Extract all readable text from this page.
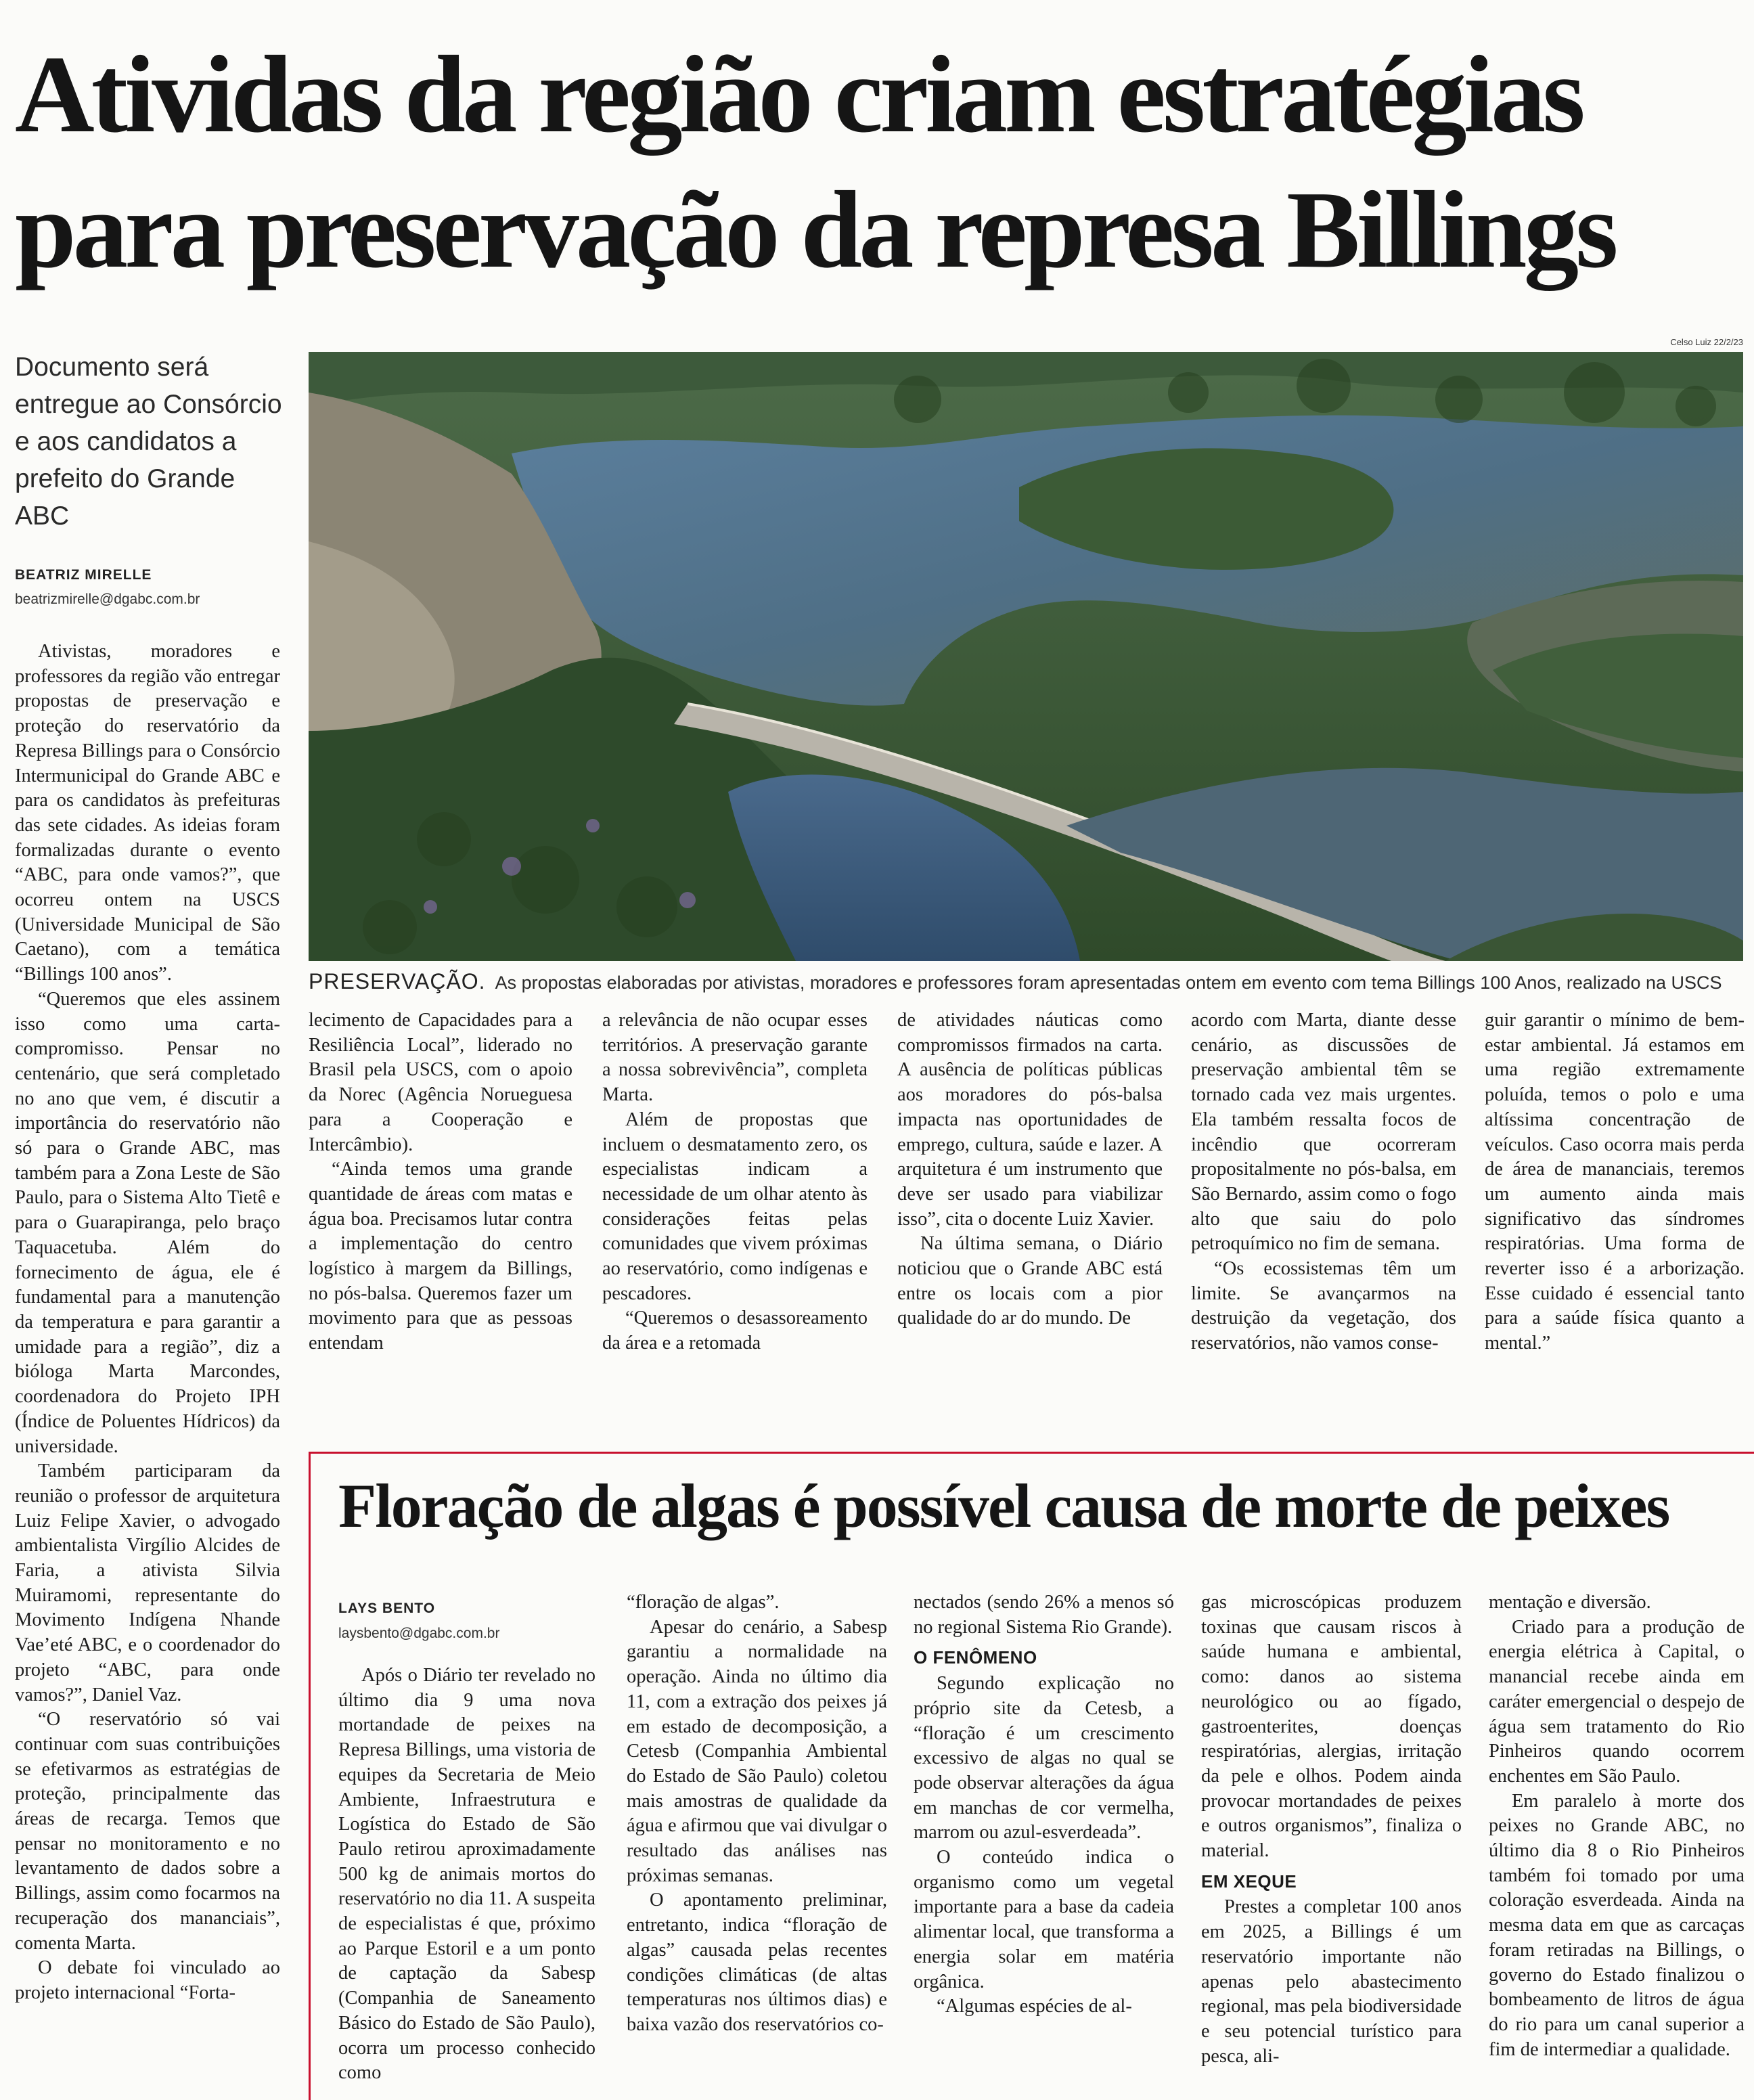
Atividas da região criam estratégias
para preservação da represa Billings
Documento será entregue ao Consórcio e aos candidatos a prefeito do Grande ABC
BEATRIZ MIRELLE
beatrizmirelle@dgabc.com.br

Ativistas, moradores e professores da região vão entregar propostas de preservação e proteção do reservatório da Represa Billings para o Consórcio Intermunicipal do Grande ABC e para os candidatos às prefeituras das sete cidades. As ideias foram formalizadas durante o evento “ABC, para onde vamos?”, que ocorreu ontem na USCS (Universidade Municipal de São Caetano), com a temática “Billings 100 anos”.

“Queremos que eles assinem isso como uma carta-compromisso. Pensar no centenário, que será completado no ano que vem, é discutir a importância do reservatório não só para o Grande ABC, mas também para a Zona Leste de São Paulo, para o Sistema Alto Tietê e para o Guarapiranga, pelo braço Taquacetuba. Além do fornecimento de água, ele é fundamental para a manutenção da temperatura e para garantir a umidade para a região”, diz a bióloga Marta Marcondes, coordenadora do Projeto IPH (Índice de Poluentes Hídricos) da universidade.

Também participaram da reunião o professor de arquitetura Luiz Felipe Xavier, o advogado ambientalista Virgílio Alcides de Faria, a ativista Silvia Muiramomi, representante do Movimento Indígena Nhande Vae’eté ABC, e o coordenador do projeto “ABC, para onde vamos?”, Daniel Vaz.

“O reservatório só vai continuar com suas contribuições se efetivarmos as estratégias de proteção, principalmente das áreas de recarga. Temos que pensar no monitoramento e no levantamento de dados sobre a Billings, assim como focarmos na recuperação dos mananciais”, comenta Marta.

O debate foi vinculado ao projeto internacional “Forta-

Celso Luiz 22/2/23
PRESERVAÇÃO. As propostas elaboradas por ativistas, moradores e professores foram apresentadas ontem em evento com tema Billings 100 Anos, realizado na USCS

lecimento de Capacidades para a Resiliência Local”, liderado no Brasil pela USCS, com o apoio da Norec (Agência Norueguesa para a Cooperação e Intercâmbio).

“Ainda temos uma grande quantidade de áreas com matas e água boa. Precisamos lutar contra a implementação do centro logístico à margem da Billings, no pós-balsa. Queremos fazer um movimento para que as pessoas entendam

a relevância de não ocupar esses territórios. A preservação garante a nossa sobrevivência”, completa Marta.

Além de propostas que incluem o desmatamento zero, os especialistas indicam a necessidade de um olhar atento às considerações feitas pelas comunidades que vivem próximas ao reservatório, como indígenas e pescadores.

“Queremos o desassoreamento da área e a retomada

de atividades náuticas como compromissos firmados na carta. A ausência de políticas públicas aos moradores do pós-balsa impacta nas oportunidades de emprego, cultura, saúde e lazer. A arquitetura é um instrumento que deve ser usado para viabilizar isso”, cita o docente Luiz Xavier.

Na última semana, o Diário noticiou que o Grande ABC está entre os locais com a pior qualidade do ar do mundo. De

acordo com Marta, diante desse cenário, as discussões de preservação ambiental têm se tornado cada vez mais urgentes. Ela também ressalta focos de incêndio que ocorreram propositalmente no pós-balsa, em São Bernardo, assim como o fogo alto que saiu do polo petroquímico no fim de semana.

“Os ecossistemas têm um limite. Se avançarmos na destruição da vegetação, dos reservatórios, não vamos conse-

guir garantir o mínimo de bem-estar ambiental. Já estamos em uma região extremamente poluída, temos o polo e uma altíssima concentração de veículos. Caso ocorra mais perda de área de mananciais, teremos um aumento ainda mais significativo das síndromes respiratórias. Uma forma de reverter isso é a arborização. Esse cuidado é essencial tanto para a saúde física quanto a mental.”

Floração de algas é possível causa de morte de peixes
LAYS BENTO
laysbento@dgabc.com.br

Após o Diário ter revelado no último dia 9 uma nova mortandade de peixes na Represa Billings, uma vistoria de equipes da Secretaria de Meio Ambiente, Infraestrutura e Logística do Estado de São Paulo retirou aproximadamente 500 kg de animais mortos do reservatório no dia 11. A suspeita de especialistas é que, próximo ao Parque Estoril e a um ponto de captação da Sabesp (Companhia de Saneamento Básico do Estado de São Paulo), ocorra um processo conhecido como

“floração de algas”.

Apesar do cenário, a Sabesp garantiu a normalidade na operação. Ainda no último dia 11, com a extração dos peixes já em estado de decomposição, a Cetesb (Companhia Ambiental do Estado de São Paulo) coletou mais amostras de qualidade da água e afirmou que vai divulgar o resultado das análises nas próximas semanas.

O apontamento preliminar, entretanto, indica “floração de algas” causada pelas recentes condições climáticas (de altas temperaturas nos últimos dias) e baixa vazão dos reservatórios co-

nectados (sendo 26% a menos só no regional Sistema Rio Grande).

O FENÔMENO

Segundo explicação no próprio site da Cetesb, a “floração é um crescimento excessivo de algas no qual se pode observar alterações da água em manchas de cor vermelha, marrom ou azul-esverdeada”.

O conteúdo indica o organismo como um vegetal importante para a base da cadeia alimentar local, que transforma a energia solar em matéria orgânica.

“Algumas espécies de al-

gas microscópicas produzem toxinas que causam riscos à saúde humana e ambiental, como: danos ao sistema neurológico ou ao fígado, gastroenterites, doenças respiratórias, alergias, irritação da pele e olhos. Podem ainda provocar mortandades de peixes e outros organismos”, finaliza o material.

EM XEQUE

Prestes a completar 100 anos em 2025, a Billings é um reservatório importante não apenas pelo abastecimento regional, mas pela biodiversidade e seu potencial turístico para pesca, ali-

mentação e diversão.

Criado para a produção de energia elétrica à Capital, o manancial recebe ainda em caráter emergencial o despejo de água sem tratamento do Rio Pinheiros quando ocorrem enchentes em São Paulo.

Em paralelo à morte dos peixes no Grande ABC, no último dia 8 o Rio Pinheiros também foi tomado por uma coloração esverdeada. Ainda na mesma data em que as carcaças foram retiradas na Billings, o governo do Estado finalizou o bombeamento de litros de água do rio para um canal superior a fim de intermediar a qualidade.
